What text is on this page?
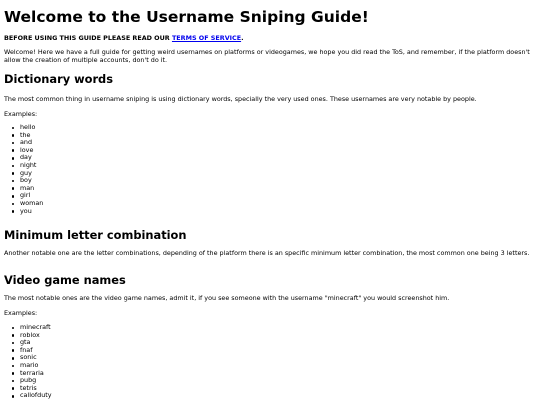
Welcome to the Username Sniping Guide!

BEFORE USING THIS GUIDE PLEASE READ OUR TERMS OF SERVICE.

Welcome! Here we have a full guide for getting weird usernames on platforms or videogames, we hope you did read the ToS, and remember, if the platform doesn't allow the creation of multiple accounts, don't do it.

Dictionary words

The most common thing in username sniping is using dictionary words, specially the very used ones. These usernames are very notable by people.

Examples:

hello
the
and
love
day
night
guy
boy
man
girl
woman
you
Minimum letter combination

Another notable one are the letter combinations, depending of the platform there is an specific minimum letter combination, the most common one being 3 letters.

Video game names

The most notable ones are the video game names, admit it, if you see someone with the username "minecraft" you would screenshot him.

Examples:

minecraft
roblox
gta
fnaf
sonic
mario
terraria
pubg
tetris
callofduty
